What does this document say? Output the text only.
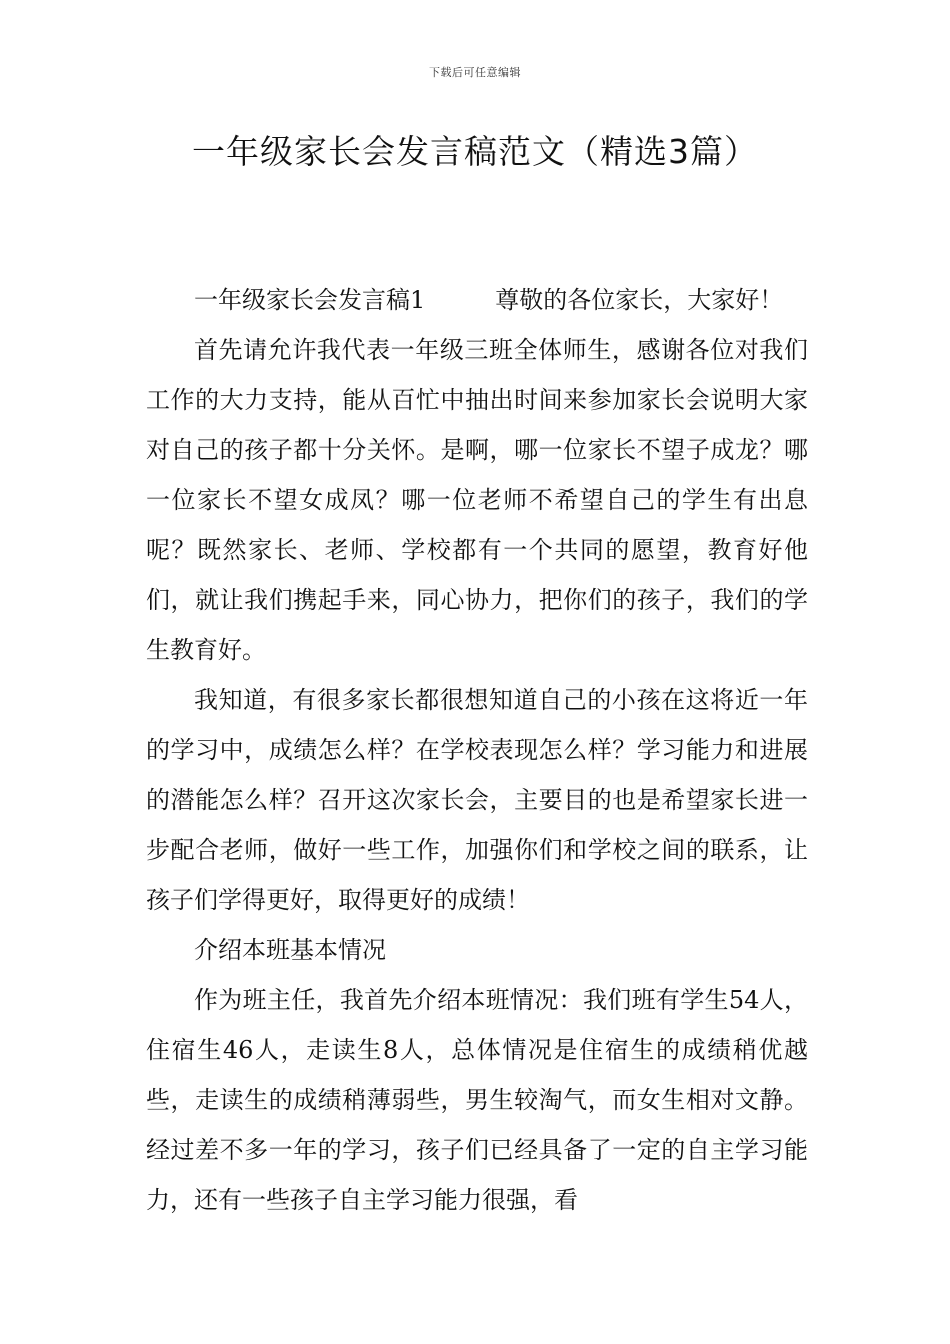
下载后可任意编辑
一年级家长会发言稿范文（精选3篇）

一年级家长会发言稿1	尊敬的各位家长，大家好！

首先请允许我代表一年级三班全体师生，感谢各位对我们工作的大力支持，能从百忙中抽出时间来参加家长会说明大家对自己的孩子都十分关怀。是啊，哪一位家长不望子成龙？哪一位家长不望女成凤？哪一位老师不希望自己的学生有出息呢？既然家长、老师、学校都有一个共同的愿望，教育好他们，就让我们携起手来，同心协力，把你们的孩子，我们的学生教育好。

我知道，有很多家长都很想知道自己的小孩在这将近一年的学习中，成绩怎么样？在学校表现怎么样？学习能力和进展的潜能怎么样？召开这次家长会，主要目的也是希望家长进一步配合老师，做好一些工作，加强你们和学校之间的联系，让孩子们学得更好，取得更好的成绩！

介绍本班基本情况

作为班主任，我首先介绍本班情况：我们班有学生54人，住宿生46人，走读生8人，总体情况是住宿生的成绩稍优越些，走读生的成绩稍薄弱些，男生较淘气，而女生相对文静。经过差不多一年的学习，孩子们已经具备了一定的自主学习能力，还有一些孩子自主学习能力很强，看
